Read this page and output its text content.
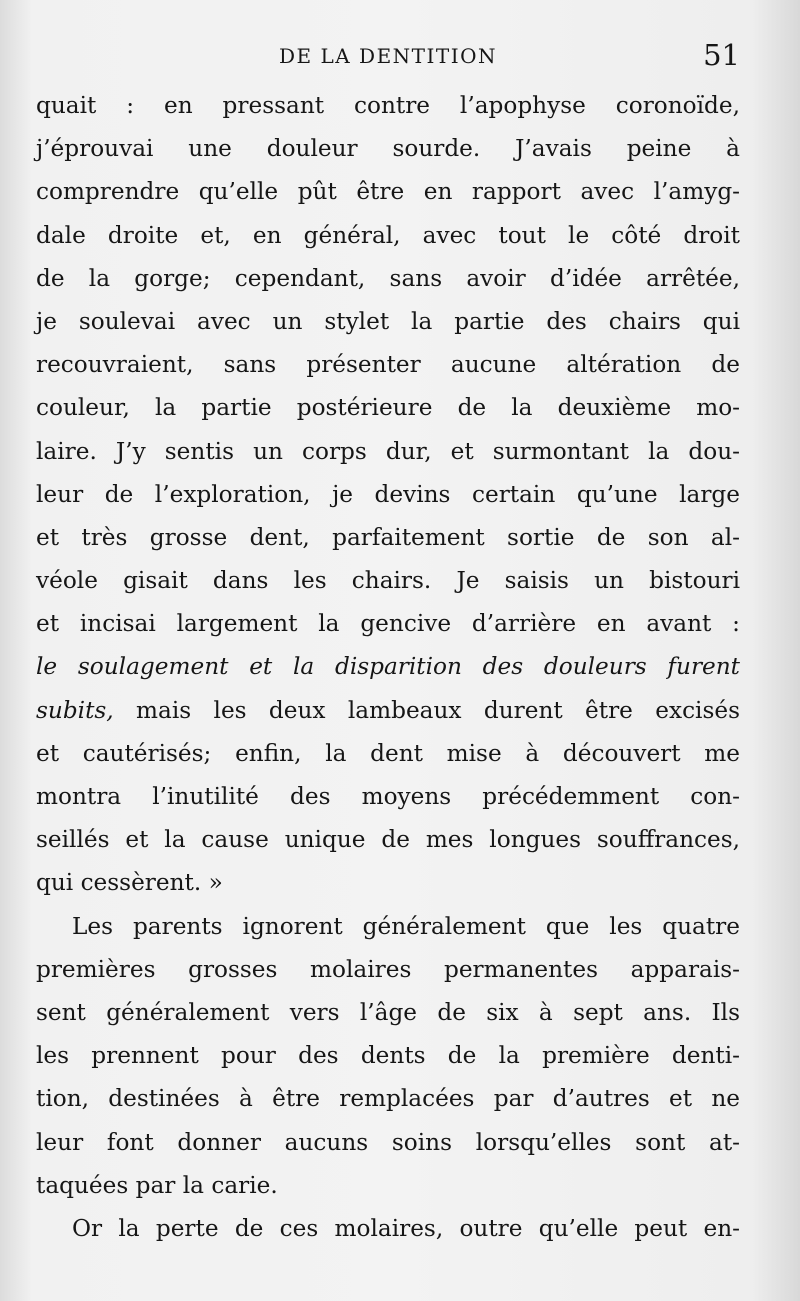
DE LA DENTITION	51
quait : en pressant contre l’apophyse coronoïde,
j’éprouvai une douleur sourde. J’avais peine à
comprendre qu’elle pût être en rapport avec l’amyg-
dale droite et, en général, avec tout le côté droit
de la gorge; cependant, sans avoir d’idée arrêtée,
je soulevai avec un stylet la partie des chairs qui
recouvraient, sans présenter aucune altération de
couleur, la partie postérieure de la deuxième mo-
laire. J’y sentis un corps dur, et surmontant la dou-
leur de l’exploration, je devins certain qu’une large
et très grosse dent, parfaitement sortie de son al-
véole gisait dans les chairs. Je saisis un bistouri
et incisai largement la gencive d’arrière en avant :
le soulagement et la disparition des douleurs furent
subits, mais les deux lambeaux durent être excisés
et cautérisés; enfin, la dent mise à découvert me
montra l’inutilité des moyens précédemment con-
seillés et la cause unique de mes longues souffrances,
qui cessèrent. »
Les parents ignorent généralement que les quatre
premières grosses molaires permanentes apparais-
sent généralement vers l’âge de six à sept ans. Ils
les prennent pour des dents de la première denti-
tion, destinées à être remplacées par d’autres et ne
leur font donner aucuns soins lorsqu’elles sont at-
taquées par la carie.
Or la perte de ces molaires, outre qu’elle peut en-
